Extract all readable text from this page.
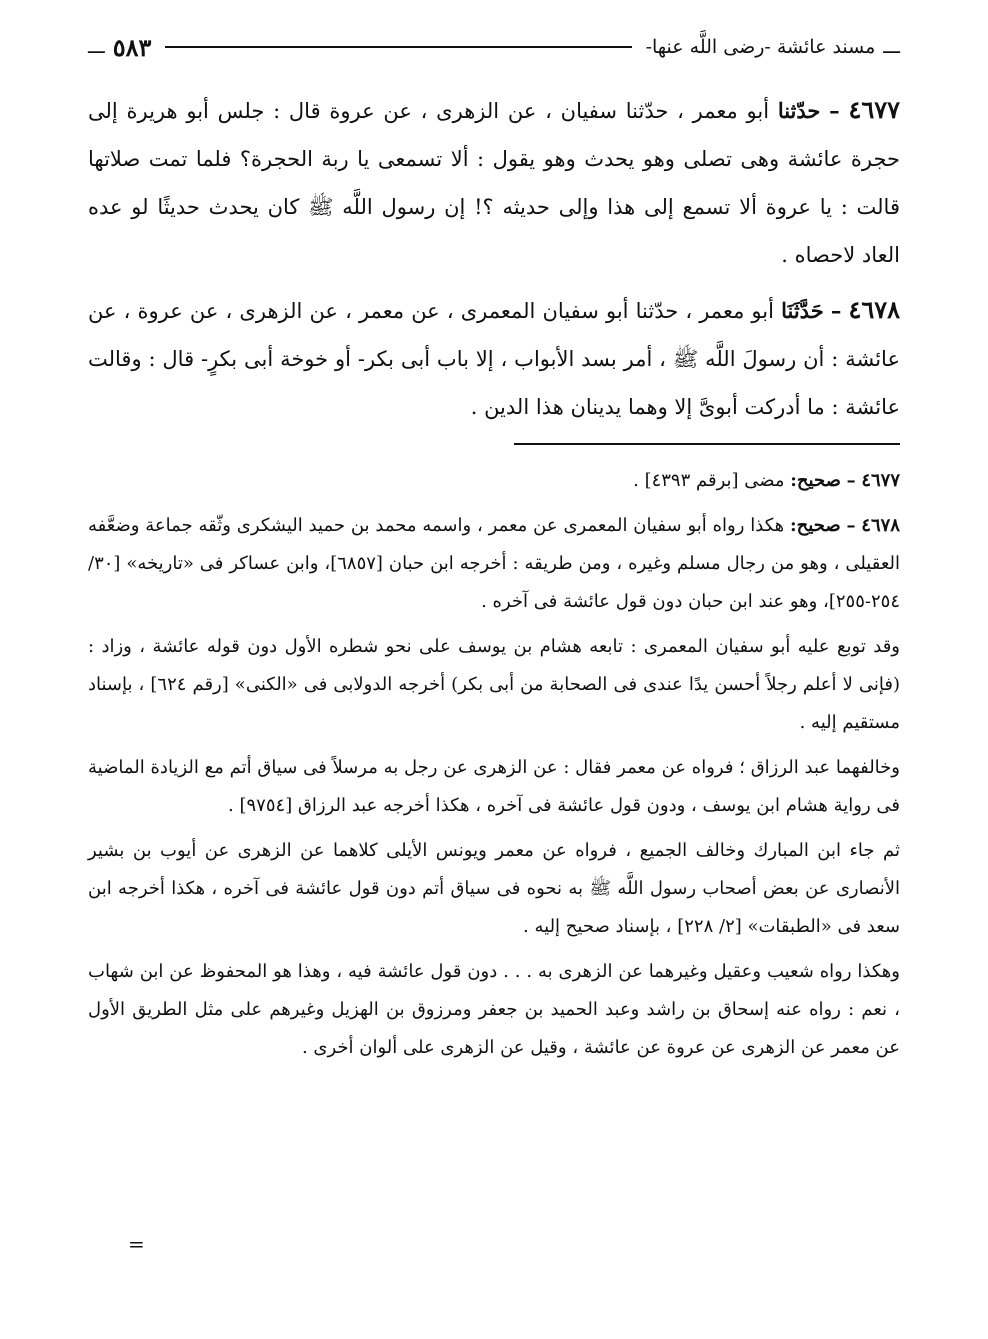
ـــ
مسند عائشة -رضى اللَّه عنها-
٥٨٣
ـــ
٤٦٧٧ – حدّثنا أبو معمر ، حدّثنا سفيان ، عن الزهرى ، عن عروة قال : جلس أبو هريرة إلى حجرة عائشة وهى تصلى وهو يحدث وهو يقول : ألا تسمعى يا ربة الحجرة؟ فلما تمت صلاتها قالت : يا عروة ألا تسمع إلى هذا وإلى حديثه ؟! إن رسول اللَّه ﷺ كان يحدث حديثًا لو عده العاد لاحصاه .
٤٦٧٨ – حَدَّثَنَا أبو معمر ، حدّثنا أبو سفيان المعمرى ، عن معمر ، عن الزهرى ، عن عروة ، عن عائشة : أن رسولَ اللَّه ﷺ ، أمر بسد الأبواب ، إلا باب أبى بكر- أو خوخة أبى بكرٍ- قال : وقالت عائشة : ما أدركت أبوىَّ إلا وهما يدينان هذا الدين .

٤٦٧٧ – صحيح: مضى [برقم ٤٣٩٣] .

٤٦٧٨ – صحيح: هكذا رواه أبو سفيان المعمرى عن معمر ، واسمه محمد بن حميد اليشكرى وثّقه جماعة وضعَّفه العقيلى ، وهو من رجال مسلم وغيره ، ومن طريقه : أخرجه ابن حبان [٦٨٥٧]، وابن عساكر فى «تاريخه» [٣٠/ ٢٥٤-٢٥٥]، وهو عند ابن حبان دون قول عائشة فى آخره .

وقد توبع عليه أبو سفيان المعمرى : تابعه هشام بن يوسف على نحو شطره الأول دون قوله عائشة ، وزاد : (فإنى لا أعلم رجلاً أحسن يدًا عندى فى الصحابة من أبى بكر) أخرجه الدولابى فى «الكنى» [رقم ٦٢٤] ، بإسناد مستقيم إليه .

وخالفهما عبد الرزاق ؛ فرواه عن معمر فقال : عن الزهرى عن رجل به مرسلاً فى سياق أتم مع الزيادة الماضية فى رواية هشام ابن يوسف ، ودون قول عائشة فى آخره ، هكذا أخرجه عبد الرزاق [٩٧٥٤] .

ثم جاء ابن المبارك وخالف الجميع ، فرواه عن معمر ويونس الأيلى كلاهما عن الزهرى عن أيوب بن بشير الأنصارى عن بعض أصحاب رسول اللَّه ﷺ به نحوه فى سياق أتم دون قول عائشة فى آخره ، هكذا أخرجه ابن سعد فى «الطبقات» [٢/ ٢٢٨] ، بإسناد صحيح إليه .

وهكذا رواه شعيب وعقيل وغيرهما عن الزهرى به . . . دون قول عائشة فيه ، وهذا هو المحفوظ عن ابن شهاب ، نعم : رواه عنه إسحاق بن راشد وعبد الحميد بن جعفر ومرزوق بن الهزيل وغيرهم على مثل الطريق الأول عن معمر عن الزهرى عن عروة عن عائشة ، وقيل عن الزهرى على ألوان أخرى .

=
